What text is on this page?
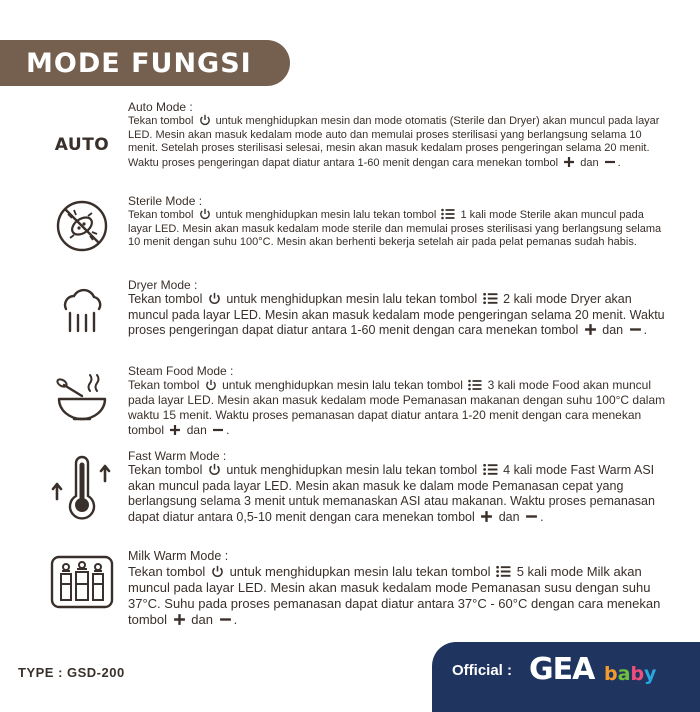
MODE FUNGSI
AUTO

Auto Mode :

Tekan tombol untuk menghidupkan mesin dan mode otomatis (Sterile dan Dryer) akan muncul pada layar LED. Mesin akan masuk kedalam mode auto dan memulai proses sterilisasi yang berlangsung selama 10 menit. Setelah proses sterilisasi selesai, mesin akan masuk kedalam proses pengeringan selama 20 menit. Waktu proses pengeringan dapat diatur antara 1-60 menit dengan cara menekan tombol dan .

Sterile Mode :

Tekan tombol untuk menghidupkan mesin lalu tekan tombol 1 kali mode Sterile akan muncul pada layar LED. Mesin akan masuk kedalam mode sterile dan memulai proses sterilisasi yang berlangsung selama 10 menit dengan suhu 100°C. Mesin akan berhenti bekerja setelah air pada pelat pemanas sudah habis.

Dryer Mode :

Tekan tombol untuk menghidupkan mesin lalu tekan tombol 2 kali mode Dryer akan muncul pada layar LED. Mesin akan masuk kedalam mode pengeringan selama 20 menit. Waktu proses pengeringan dapat diatur antara 1-60 menit dengan cara menekan tombol dan .

Steam Food Mode :

Tekan tombol untuk menghidupkan mesin lalu tekan tombol 3 kali mode Food akan muncul pada layar LED. Mesin akan masuk kedalam mode Pemanasan makanan dengan suhu 100°C dalam waktu 15 menit. Waktu proses pemanasan dapat diatur antara 1-20 menit dengan cara menekan tombol dan .

Fast Warm Mode :

Tekan tombol untuk menghidupkan mesin lalu tekan tombol 4 kali mode Fast Warm ASI akan muncul pada layar LED. Mesin akan masuk ke dalam mode Pemanasan cepat yang berlangsung selama 3 menit untuk memanaskan ASI atau makanan. Waktu proses pemanasan dapat diatur antara 0,5-10 menit dengan cara menekan tombol dan .

Milk Warm Mode :

Tekan tombol untuk menghidupkan mesin lalu tekan tombol 5 kali mode Milk akan muncul pada layar LED. Mesin akan masuk kedalam mode Pemanasan susu dengan suhu 37°C. Suhu pada proses pemanasan dapat diatur antara 37°C - 60°C dengan cara menekan tombol dan .

TYPE : GSD-200	Official : GEA baby
